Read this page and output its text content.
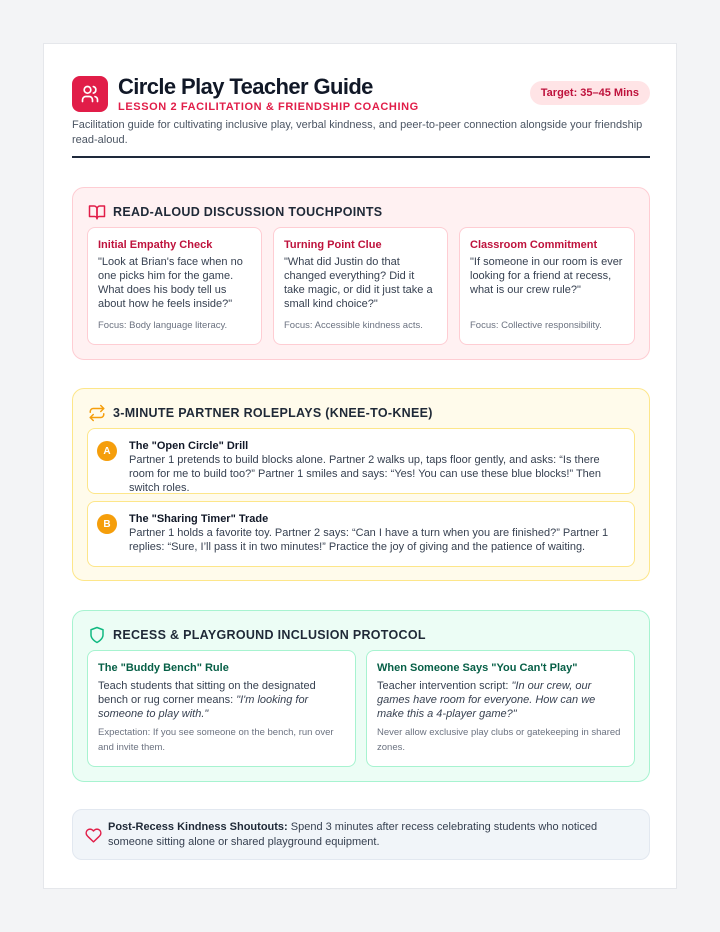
Circle Play Teacher Guide
LESSON 2 FACILITATION & FRIENDSHIP COACHING
Target: 35–45 Mins
Facilitation guide for cultivating inclusive play, verbal kindness, and peer-to-peer connection alongside your friendship read-aloud.
READ-ALOUD DISCUSSION TOUCHPOINTS
Initial Empathy Check
"Look at Brian's face when no one picks him for the game. What does his body tell us about how he feels inside?"
Focus: Body language literacy.
Turning Point Clue
"What did Justin do that changed everything? Did it take magic, or did it just take a small kind choice?"
Focus: Accessible kindness acts.
Classroom Commitment
"If someone in our room is ever looking for a friend at recess, what is our crew rule?"
Focus: Collective responsibility.
3-MINUTE PARTNER ROLEPLAYS (KNEE-TO-KNEE)
A	The "Open Circle" Drill
Partner 1 pretends to build blocks alone. Partner 2 walks up, taps floor gently, and asks: “Is there room for me to build too?” Partner 1 smiles and says: “Yes! You can use these blue blocks!” Then switch roles.
B	The "Sharing Timer" Trade
Partner 1 holds a favorite toy. Partner 2 says: “Can I have a turn when you are finished?” Partner 1 replies: “Sure, I’ll pass it in two minutes!” Practice the joy of giving and the patience of waiting.
RECESS & PLAYGROUND INCLUSION PROTOCOL
The "Buddy Bench" Rule
Teach students that sitting on the designated bench or rug corner means: "I'm looking for someone to play with."
Expectation: If you see someone on the bench, run over and invite them.
When Someone Says "You Can't Play"
Teacher intervention script: "In our crew, our games have room for everyone. How can we make this a 4-player game?"
Never allow exclusive play clubs or gatekeeping in shared zones.
Post-Recess Kindness Shoutouts: Spend 3 minutes after recess celebrating students who noticed someone sitting alone or shared playground equipment.
